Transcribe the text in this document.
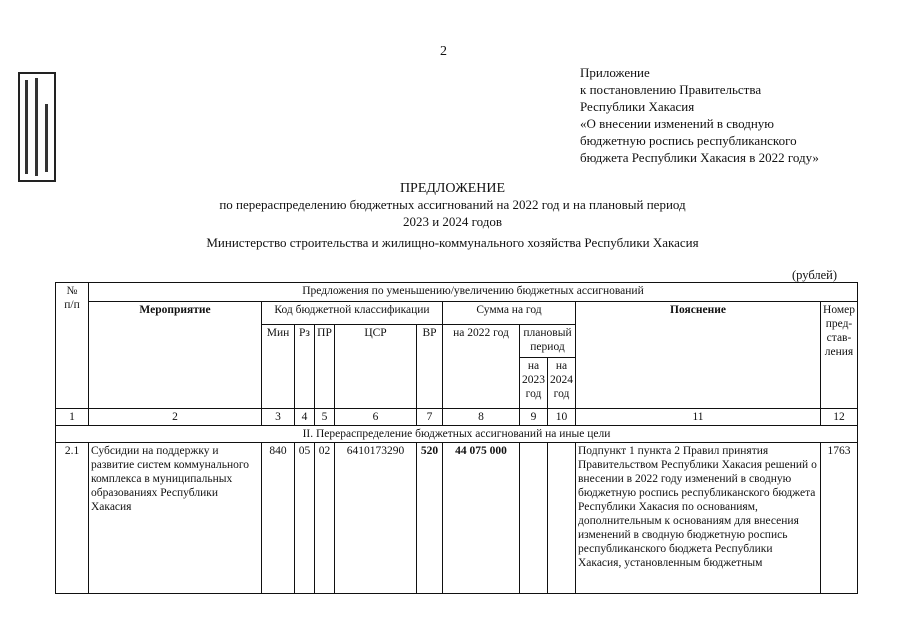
2
Приложение
к постановлению Правительства
Республики Хакасия
«О внесении изменений в сводную
бюджетную роспись республиканского
бюджета Республики Хакасия в 2022 году»
ПРЕДЛОЖЕНИЕ
по перераспределению бюджетных ассигнований на 2022 год и на плановый период
2023 и 2024 годов
Министерство строительства и жилищно-коммунального хозяйства Республики Хакасия
(рублей)
№
п/п	Предложения по уменьшению/увеличению бюджетных ассигнований										
	Мероприятие	Код бюджетной классификации					Сумма на год			Пояснение	Номер
пред-
став-
ления
		Мин	Рз	ПР	ЦСР	ВР	на 2022 год	плановый
период			
								на
2023
год	на
2024
год		
1	2	3	4	5	6	7	8	9	10	11	12
II. Перераспределение бюджетных ассигнований на иные цели											
2.1	Субсидии на поддержку и развитие систем коммунального комплекса в муниципальных образованиях Республики Хакасия	840	05	02	6410173290	520	44 075 000			Подпункт 1 пункта 2 Правил принятия Правительством Республики Хакасия решений о внесении в 2022 году изменений в сводную бюджетную роспись республиканского бюджета Республики Хакасия по основаниям, дополнительным к основаниям для внесения изменений в сводную бюджетную роспись республиканского бюджета Республики Хакасия, установленным бюджетным	1763
